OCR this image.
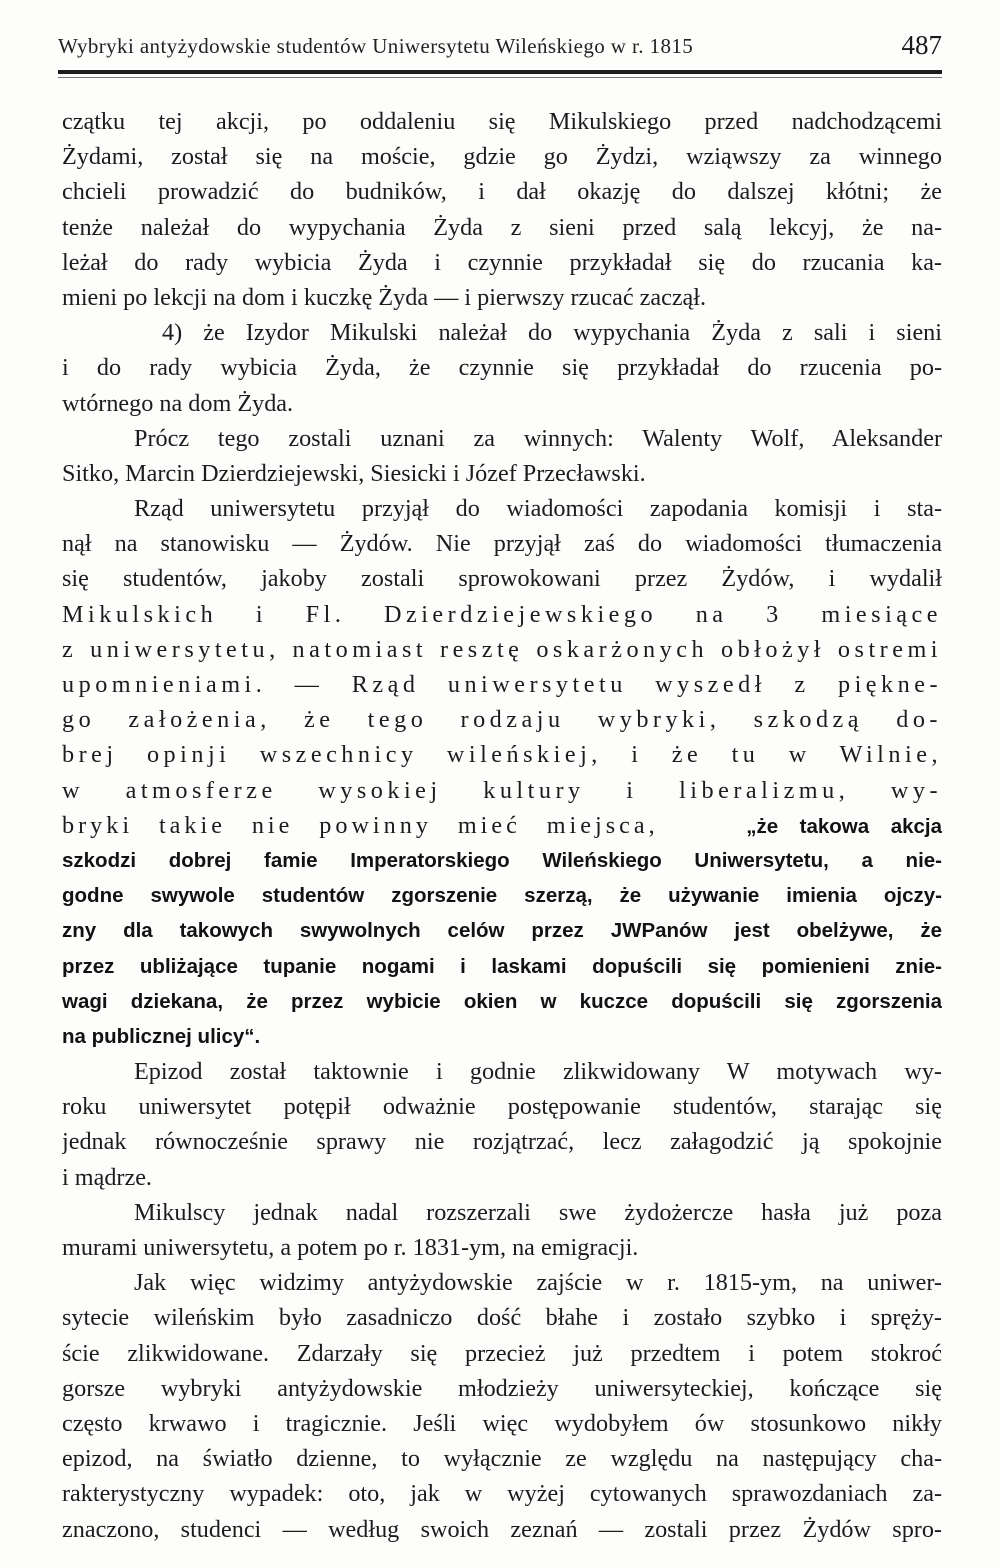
Wybryki antyżydowskie studentów Uniwersytetu Wileńskiego w r. 1815	487
czątku tej akcji, po oddaleniu się Mikulskiego przed nadchodzącemi
Żydami, został się na moście, gdzie go Żydzi, wziąwszy za winnego
chcieli prowadzić do budników, i dał okazję do dalszej kłótni; że
tenże należał do wypychania Żyda z sieni przed salą lekcyj, że na-
leżał do rady wybicia Żyda i czynnie przykładał się do rzucania ka-
mieni po lekcji na dom i kuczkę Żyda — i pierwszy rzucać zaczął.
4) że Izydor Mikulski należał do wypychania Żyda z sali i sieni
i do rady wybicia Żyda, że czynnie się przykładał do rzucenia po-
wtórnego na dom Żyda.
Prócz tego zostali uznani za winnych: Walenty Wolf, Aleksander
Sitko, Marcin Dzierdziejewski, Siesicki i Józef Przecławski.
Rząd uniwersytetu przyjął do wiadomości zapodania komisji i sta-
nął na stanowisku — Żydów. Nie przyjął zaś do wiadomości tłumaczenia
się studentów, jakoby zostali sprowokowani przez Żydów, i wydalił
Mikulskich i Fl. Dzierdziejewskiego na 3 miesiące
z uniwersytetu, natomiast resztę oskarżonych obłożył ostremi
upomnieniami. — Rząd uniwersytetu wyszedł z piękne-
go założenia, że tego rodzaju wybryki, szkodzą do-
brej opinji wszechnicy wileńskiej, i że tu w Wilnie,
w atmosferze wysokiej kultury i liberalizmu, wy-
bryki takie nie powinny mieć miejsca,	„że takowa akcja
szkodzi dobrej famie Imperatorskiego Wileńskiego Uniwersytetu, a nie-
godne swywole studentów zgorszenie szerzą, że używanie imienia ojczy-
zny dla takowych swywolnych celów przez JWPanów jest obelżywe, że
przez ubliżające tupanie nogami i laskami dopuścili się pomienieni znie-
wagi dziekana, że przez wybicie okien w kuczce dopuścili się zgorszenia
na publicznej ulicy“.
Epizod został taktownie i godnie zlikwidowany W motywach wy-
roku uniwersytet potępił odważnie postępowanie studentów, starając się
jednak równocześnie sprawy nie rozjątrzać, lecz załagodzić ją spokojnie
i mądrze.
Mikulscy jednak nadal rozszerzali swe żydożercze hasła już poza
murami uniwersytetu, a potem po r. 1831-ym, na emigracji.
Jak więc widzimy antyżydowskie zajście w r. 1815-ym, na uniwer-
sytecie wileńskim było zasadniczo dość błahe i zostało szybko i spręży-
ście zlikwidowane. Zdarzały się przecież już przedtem i potem stokroć
gorsze wybryki antyżydowskie młodzieży uniwersyteckiej, kończące się
często krwawo i tragicznie. Jeśli więc wydobyłem ów stosunkowo nikły
epizod, na światło dzienne, to wyłącznie ze względu na następujący cha-
rakterystyczny wypadek: oto, jak w wyżej cytowanych sprawozdaniach za-
znaczono, studenci — według swoich zeznań — zostali przez Żydów spro-
